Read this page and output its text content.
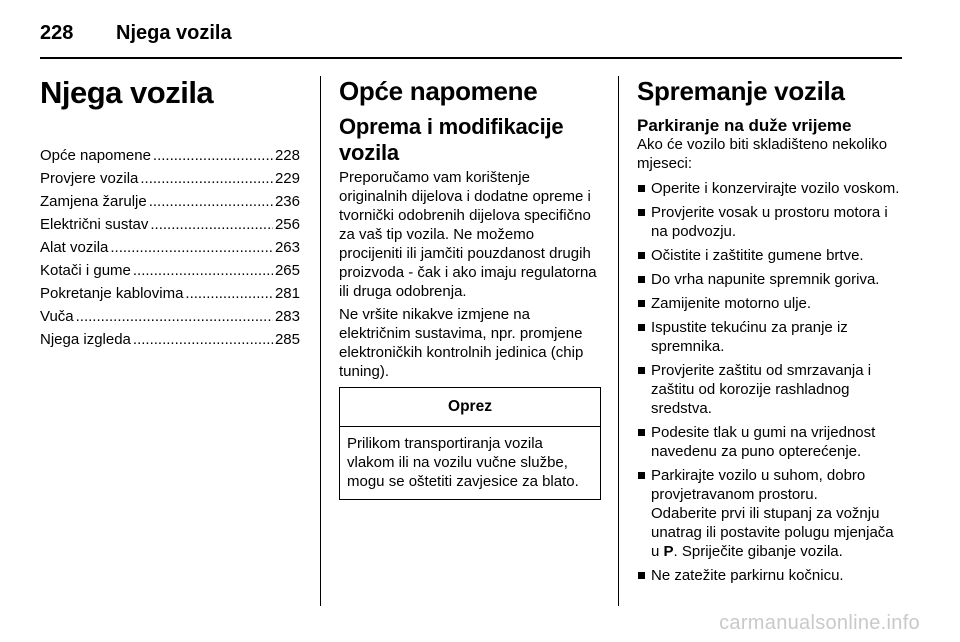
228 Njega vozila
Njega vozila
Opće napomene .....	228
Provjere vozila .....	229
Zamjena žarulje .....	236
Električni sustav .....	256
Alat vozila .....	263
Kotači i gume .....	265
Pokretanje kablovima .....	281
Vuča .....	283
Njega izgleda .....	285
Opće napomene
Oprema i modifikacije vozila

Preporučamo vam korištenje originalnih dijelova i dodatne opreme i tvornički odobrenih dijelova specifično za vaš tip vozila. Ne možemo procijeniti ili jamčiti pouzdanost drugih proizvoda - čak i ako imaju regulatorna ili druga odobrenja.

Ne vršite nikakve izmjene na električnim sustavima, npr. promjene elektroničkih kontrolnih jedinica (chip tuning).

Oprez
Prilikom transportiranja vozila vlakom ili na vozilu vučne službe, mogu se oštetiti zavjesice za blato.
Spremanje vozila
Parkiranje na duže vrijeme

Ako će vozilo biti skladišteno nekoliko mjeseci:

Operite i konzervirajte vozilo voskom.
Provjerite vosak u prostoru motora i na podvozju.
Očistite i zaštitite gumene brtve.
Do vrha napunite spremnik goriva.
Zamijenite motorno ulje.
Ispustite tekućinu za pranje iz spremnika.
Provjerite zaštitu od smrzavanja i zaštitu od korozije rashladnog sredstva.
Podesite tlak u gumi na vrijednost navedenu za puno opterećenje.
Parkirajte vozilo u suhom, dobro provjetravanom prostoru.
Odaberite prvi ili stupanj za vožnju unatrag ili postavite polugu mjenjača u P. Spriječite gibanje vozila.
Ne zatežite parkirnu kočnicu.
carmanualsonline.info
